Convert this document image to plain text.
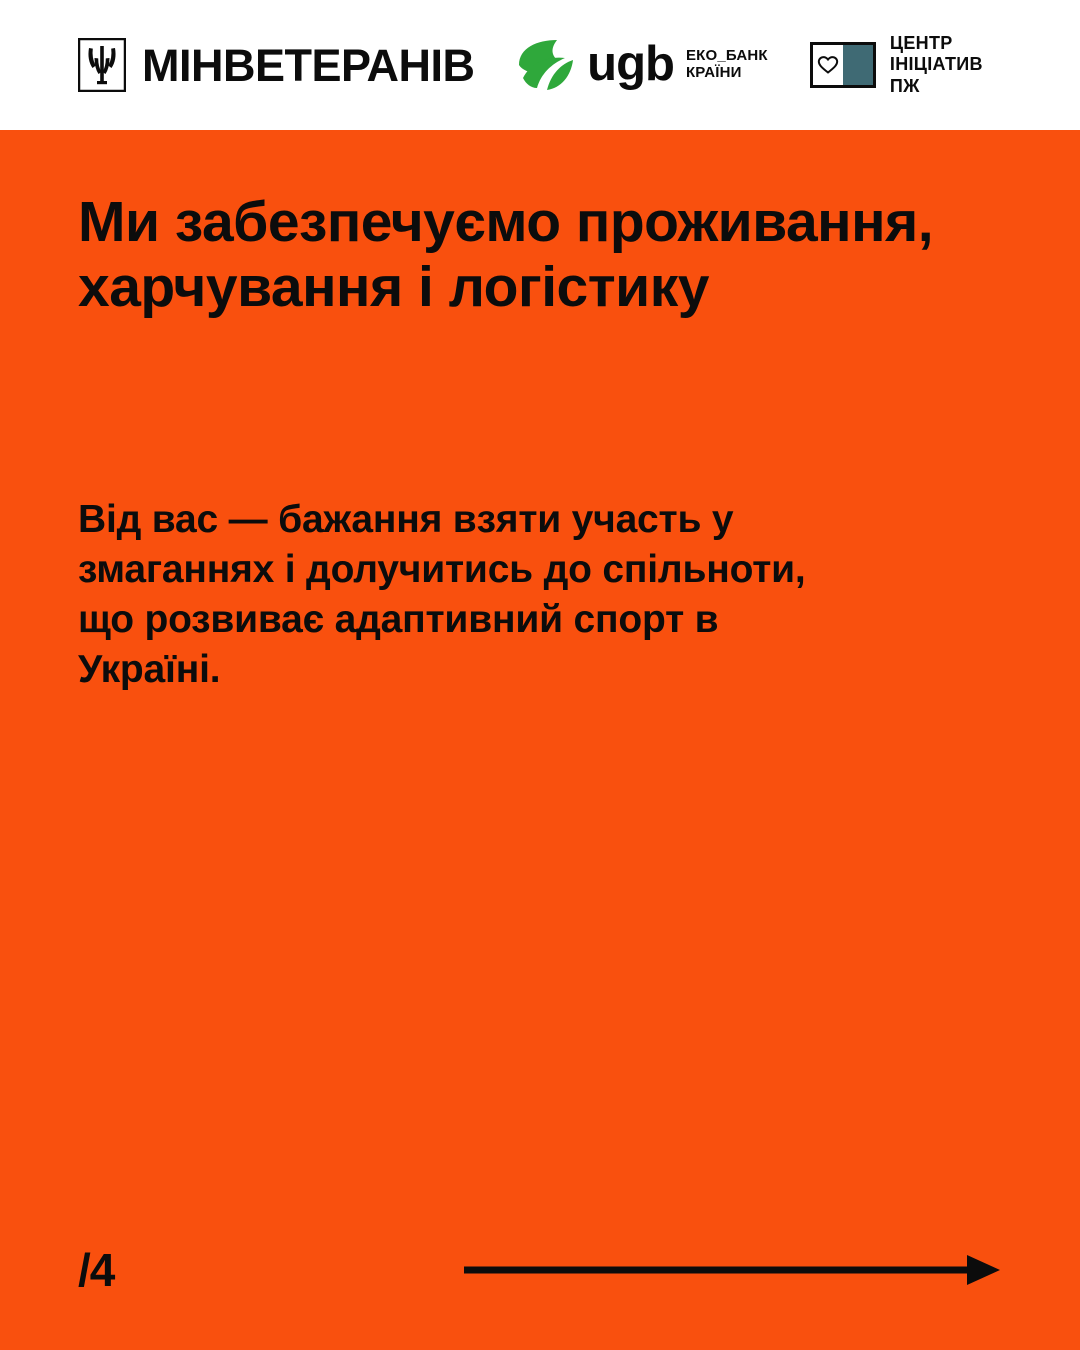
МІНВЕТЕРАНІВ ugb ЕКО_БАНК
КРАЇНИ
ЦЕНТР
ІНІЦІАТИВ ПЖ
Ми забезпечуємо проживання, харчування і логістику

Від вас — бажання взяти участь у змаганнях і долучитись до спільноти, що розвиває адаптивний спорт в Україні.

/4
